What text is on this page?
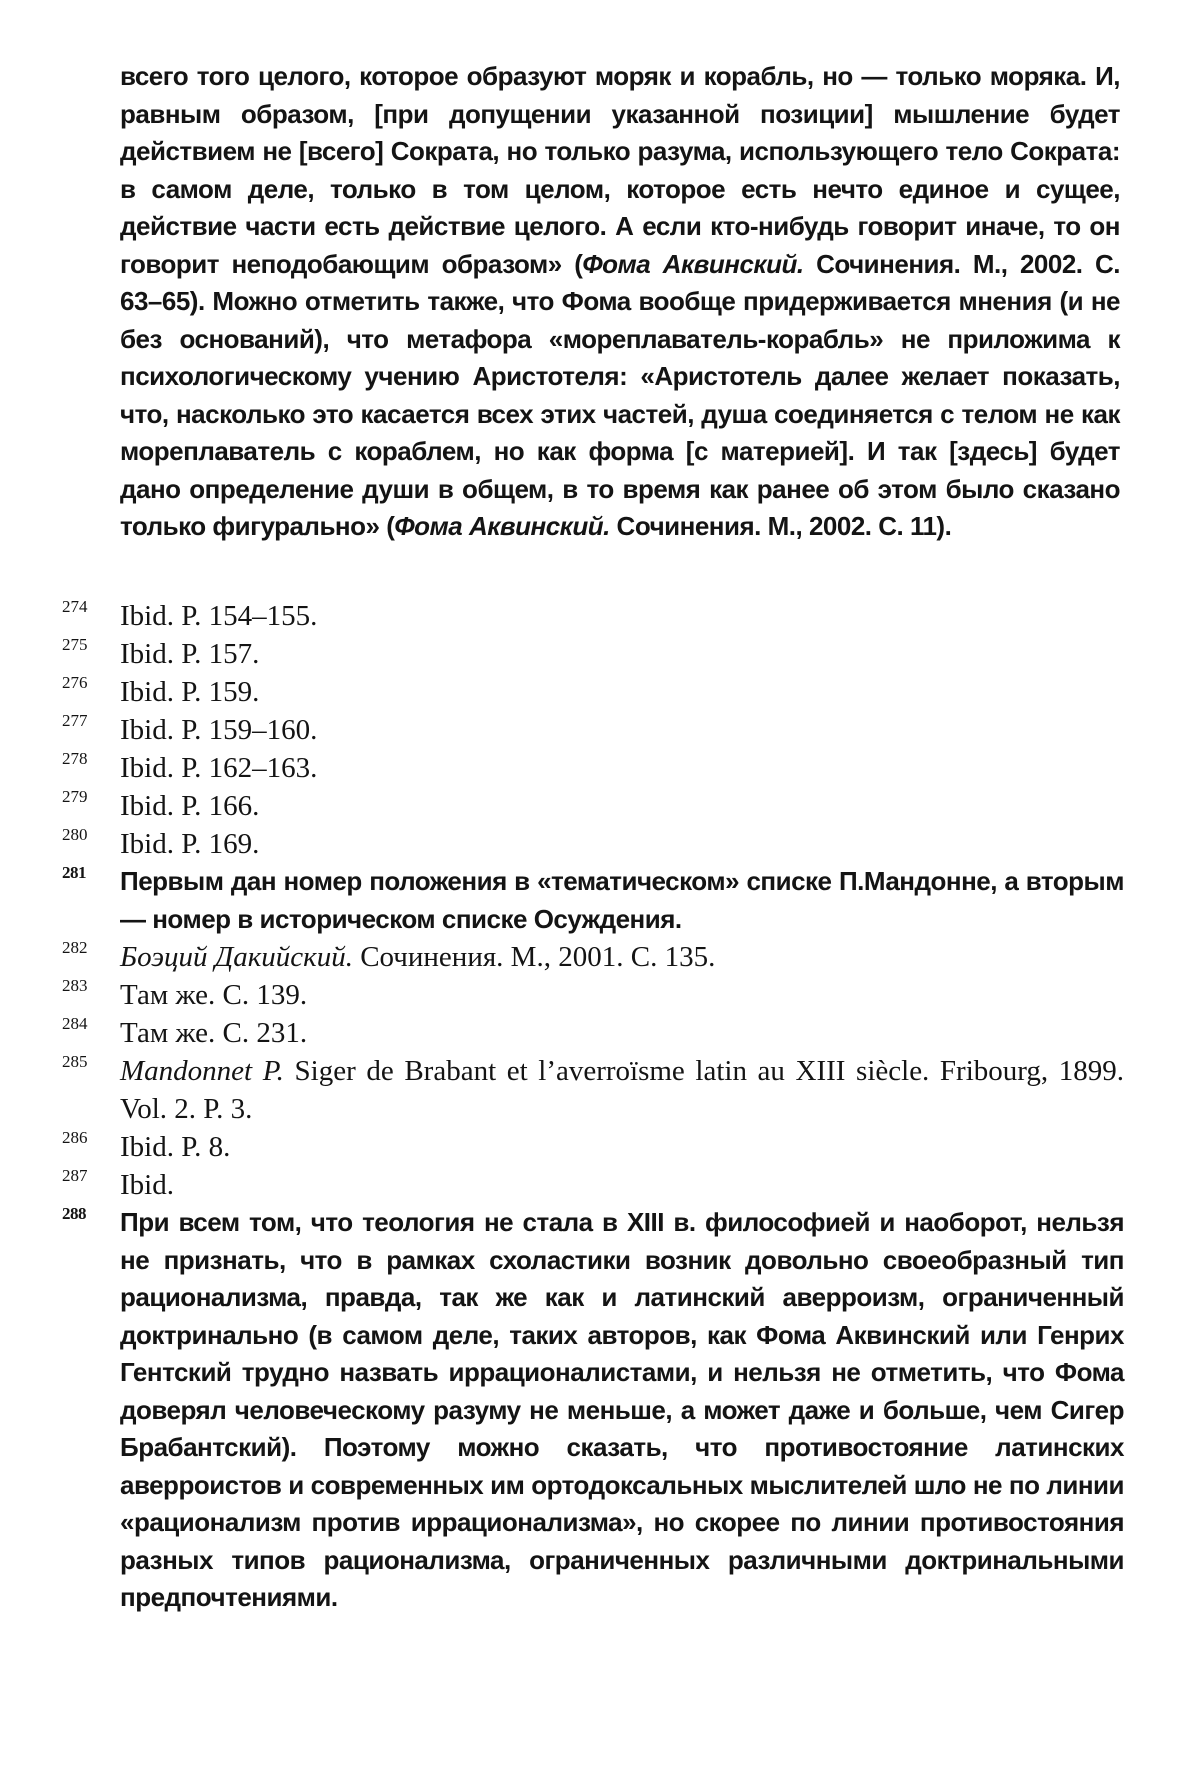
всего того целого, которое образуют моряк и корабль, но — только моряка. И, равным образом, [при допущении указанной позиции] мышление будет действием не [всего] Сократа, но только разума, использующего тело Сократа: в самом деле, только в том целом, которое есть нечто единое и сущее, действие части есть действие целого. А если кто-нибудь говорит иначе, то он говорит неподобающим образом» (Фома Аквинский. Сочинения. М., 2002. С. 63–65). Можно отметить также, что Фома вообще придерживается мнения (и не без оснований), что метафора «мореплаватель-корабль» не приложима к психологическому учению Аристотеля: «Аристотель далее желает показать, что, насколько это касается всех этих частей, душа соединяется с телом не как мореплаватель с кораблем, но как форма [с материей]. И так [здесь] будет дано определение души в общем, в то время как ранее об этом было сказано только фигурально» (Фома Аквинский. Сочинения. М., 2002. С. 11).
274 Ibid. P. 154–155.
275 Ibid. P. 157.
276 Ibid. P. 159.
277 Ibid. P. 159–160.
278 Ibid. P. 162–163.
279 Ibid. P. 166.
280 Ibid. P. 169.
281 Первым дан номер положения в «тематическом» списке П.Мандонне, а вторым — номер в историческом списке Осуждения.
282 Боэций Дакийский. Сочинения. М., 2001. С. 135.
283 Там же. С. 139.
284 Там же. С. 231.
285 Mandonnet P. Siger de Brabant et l’averroïsme latin au XIII siècle. Fribourg, 1899. Vol. 2. P. 3.
286 Ibid. P. 8.
287 Ibid.
288 При всем том, что теология не стала в XIII в. философией и наоборот, нельзя не признать, что в рамках схоластики возник довольно своеобразный тип рационализма, правда, так же как и латинский аверроизм, ограниченный доктринально (в самом деле, таких авторов, как Фома Аквинский или Генрих Гентский трудно назвать иррационалистами, и нельзя не отметить, что Фома доверял человеческому разуму не меньше, а может даже и больше, чем Сигер Брабантский). Поэтому можно сказать, что противостояние латинских аверроистов и современных им ортодоксальных мыслителей шло не по линии «рационализм против иррационализма», но скорее по линии противостояния разных типов рационализма, ограниченных различными доктринальными предпочтениями.
